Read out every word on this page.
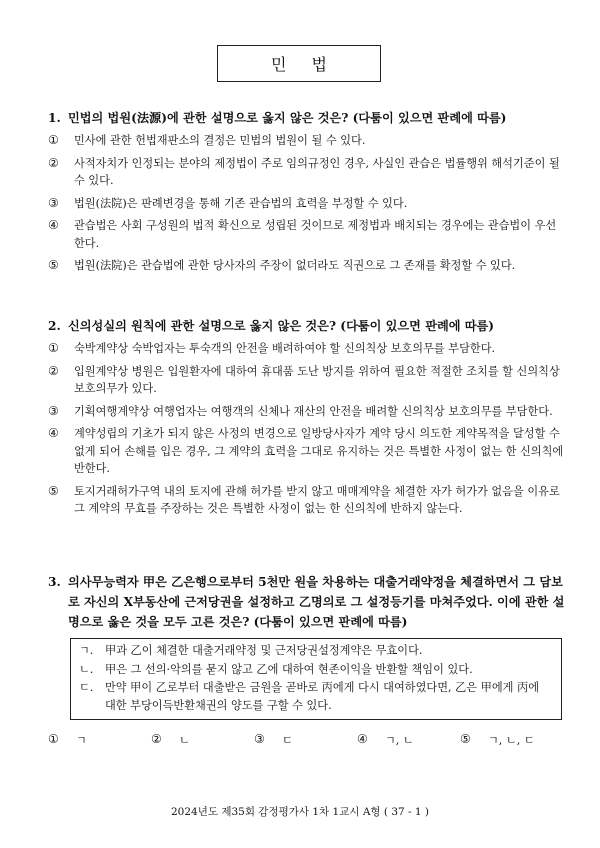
민 법
1. 민법의 법원(法源)에 관한 설명으로 옳지 않은 것은? (다툼이 있으면 판례에 따름)
①	민사에 관한 헌법재판소의 결정은 민법의 법원이 될 수 있다.
②	사적자치가 인정되는 분야의 제정법이 주로 임의규정인 경우, 사실인 관습은 법률행위 해석기준이 될 수 있다.
③	법원(法院)은 판례변경을 통해 기존 관습법의 효력을 부정할 수 있다.
④	관습법은 사회 구성원의 법적 확신으로 성립된 것이므로 제정법과 배치되는 경우에는 관습법이 우선한다.
⑤	법원(法院)은 관습법에 관한 당사자의 주장이 없더라도 직권으로 그 존재를 확정할 수 있다.
2. 신의성실의 원칙에 관한 설명으로 옳지 않은 것은? (다툼이 있으면 판례에 따름)
①	숙박계약상 숙박업자는 투숙객의 안전을 배려하여야 할 신의칙상 보호의무를 부담한다.
②	입원계약상 병원은 입원환자에 대하여 휴대품 도난 방지를 위하여 필요한 적절한 조치를 할 신의칙상 보호의무가 있다.
③	기획여행계약상 여행업자는 여행객의 신체나 재산의 안전을 배려할 신의칙상 보호의무를 부담한다.
④	계약성립의 기초가 되지 않은 사정의 변경으로 일방당사자가 계약 당시 의도한 계약목적을 달성할 수 없게 되어 손해를 입은 경우, 그 계약의 효력을 그대로 유지하는 것은 특별한 사정이 없는 한 신의칙에 반한다.
⑤	토지거래허가구역 내의 토지에 관해 허가를 받지 않고 매매계약을 체결한 자가 허가가 없음을 이유로 그 계약의 무효를 주장하는 것은 특별한 사정이 없는 한 신의칙에 반하지 않는다.
3. 의사무능력자 甲은 乙은행으로부터 5천만 원을 차용하는 대출거래약정을 체결하면서 그 담보로 자신의 X부동산에 근저당권을 설정하고 乙명의로 그 설정등기를 마쳐주었다. 이에 관한 설명으로 옳은 것을 모두 고른 것은? (다툼이 있으면 판례에 따름)
ㄱ.	甲과 乙이 체결한 대출거래약정 및 근저당권설정계약은 무효이다.
ㄴ.	甲은 그 선의·악의를 묻지 않고 乙에 대하여 현존이익을 반환할 책임이 있다.
ㄷ.	만약 甲이 乙로부터 대출받은 금원을 곧바로 丙에게 다시 대여하였다면, 乙은 甲에게 丙에 대한 부당이득반환채권의 양도를 구할 수 있다.
①	ㄱ	②	ㄴ	③	ㄷ	④	ㄱ, ㄴ	⑤	ㄱ, ㄴ, ㄷ
2024년도 제35회 감정평가사 1차 1교시 A형 ( 37 - 1 )
